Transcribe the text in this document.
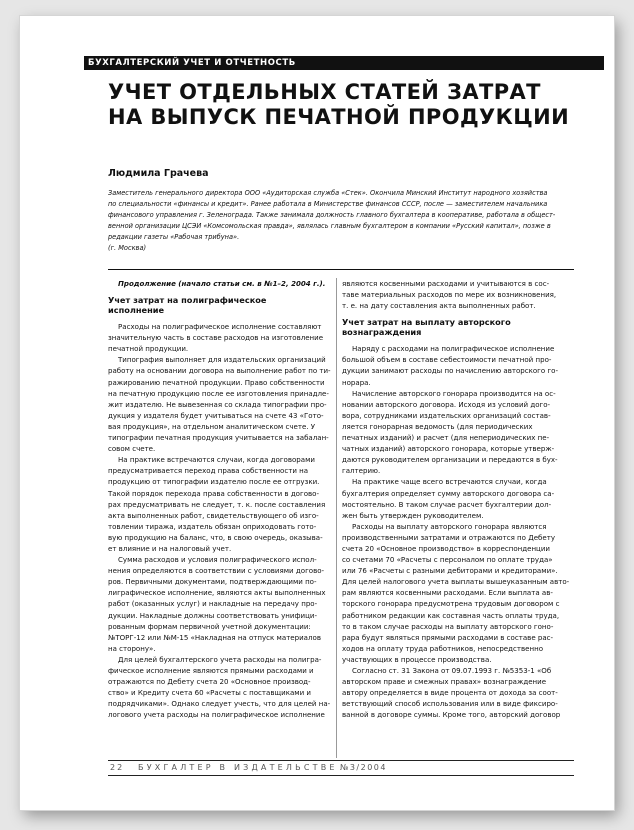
БУХГАЛТЕРСКИЙ УЧЕТ И ОТЧЕТНОСТЬ
УЧЕТ ОТДЕЛЬНЫХ СТАТЕЙ ЗАТРАТ
НА ВЫПУСК ПЕЧАТНОЙ ПРОДУКЦИИ
Людмила Грачева
Заместитель генерального директора ООО «Аудиторская служба «Стек». Окончила Минский Институт народного хозяйства
по специальности «финансы и кредит». Ранее работала в Министерстве финансов СССР, после — заместителем начальника
финансового управления г. Зеленограда. Также занимала должность главного бухгалтера в кооперативе, работала в общест-
венной организации ЦСЭИ «Комсомольская правда», являлась главным бухгалтером в компании «Русский капитал», позже в
редакции газеты «Рабочая трибуна».
(г. Москва)
Продолжение (начало статьи см. в №1–2, 2004 г.).
Учет затрат на полиграфическое
исполнение
Расходы на полиграфическое исполнение составляют
значительную часть в составе расходов на изготовление
печатной продукции.
Типография выполняет для издательских организаций
работу на основании договора на выполнение работ по ти-
ражированию печатной продукции. Право собственности
на печатную продукцию после ее изготовления принадле-
жит издателю. Не вывезенная со склада типографии про-
дукция у издателя будет учитываться на счете 43 «Гото-
вая продукция», на отдельном аналитическом счете. У
типографии печатная продукция учитывается на забалан-
совом счете.
На практике встречаются случаи, когда договорами
предусматривается переход права собственности на
продукцию от типографии издателю после ее отгрузки.
Такой порядок перехода права собственности в догово-
рах предусматривать не следует, т. к. после составления
акта выполненных работ, свидетельствующего об изго-
товлении тиража, издатель обязан оприходовать гото-
вую продукцию на баланс, что, в свою очередь, оказыва-
ет влияние и на налоговый учет.
Сумма расходов и условия полиграфического испол-
нения определяются в соответствии с условиями догово-
ров. Первичными документами, подтверждающими по-
лиграфическое исполнение, являются акты выполненных
работ (оказанных услуг) и накладные на передачу про-
дукции. Накладные должны соответствовать унифици-
рованным формам первичной учетной документации:
№ТОРГ-12 или №М-15 «Накладная на отпуск материалов
на сторону».
Для целей бухгалтерского учета расходы на полигра-
фическое исполнение являются прямыми расходами и
отражаются по Дебету счета 20 «Основное производ-
ство» и Кредиту счета 60 «Расчеты с поставщиками и
подрядчиками». Однако следует учесть, что для целей на-
логового учета расходы на полиграфическое исполнение
являются косвенными расходами и учитываются в сос-
таве материальных расходов по мере их возникновения,
т. е. на дату составления акта выполненных работ.
Учет затрат на выплату авторского
вознаграждения
Наряду с расходами на полиграфическое исполнение
большой объем в составе себестоимости печатной про-
дукции занимают расходы по начислению авторского го-
норара.
Начисление авторского гонорара производится на ос-
новании авторского договора. Исходя из условий дого-
вора, сотрудниками издательских организаций состав-
ляется гонорарная ведомость (для периодических
печатных изданий) и расчет (для непериодических пе-
чатных изданий) авторского гонорара, которые утверж-
даются руководителем организации и передаются в бух-
галтерию.
На практике чаще всего встречаются случаи, когда
бухгалтерия определяет сумму авторского договора са-
мостоятельно. В таком случае расчет бухгалтерии дол-
жен быть утвержден руководителем.
Расходы на выплату авторского гонорара являются
производственными затратами и отражаются по Дебету
счета 20 «Основное производство» в корреспонденции
со счетами 70 «Расчеты с персоналом по оплате труда»
или 76 «Расчеты с разными дебиторами и кредиторами».
Для целей налогового учета выплаты вышеуказанным авто-
рам являются косвенными расходами. Если выплата ав-
торского гонорара предусмотрена трудовым договором с
работником редакции как составная часть оплаты труда,
то в таком случае расходы на выплату авторского гоно-
рара будут являться прямыми расходами в составе рас-
ходов на оплату труда работников, непосредственно
участвующих в процессе производства.
Согласно ст. 31 Закона от 09.07.1993 г. №5353-1 «Об
авторском праве и смежных правах» вознаграждение
автору определяется в виде процента от дохода за соот-
ветствующий способ использования или в виде фиксиро-
ванной в договоре суммы. Кроме того, авторский договор
22 БУХГАЛТЕР В ИЗДАТЕЛЬСТВЕ №3/2004
